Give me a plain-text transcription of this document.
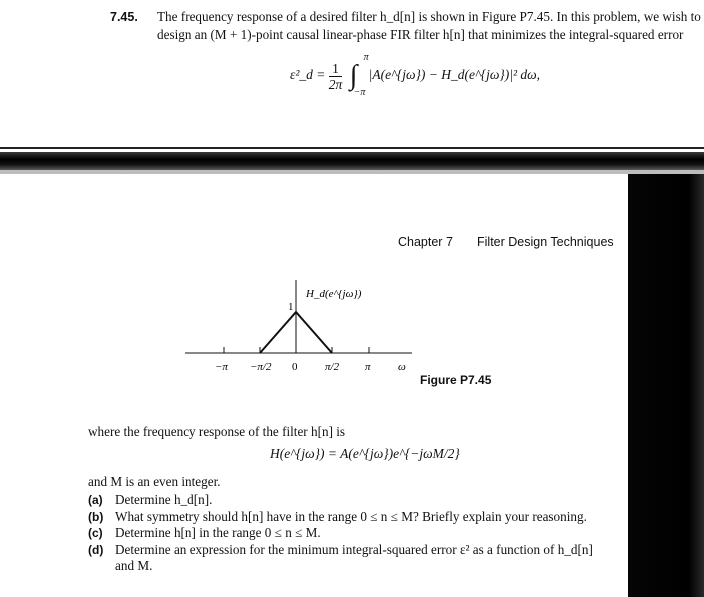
7.45. The frequency response of a desired filter h_d[n] is shown in Figure P7.45. In this problem, we wish to design an (M + 1)-point causal linear-phase FIR filter h[n] that minimizes the integral-squared error
ε²_d = $\frac{1}{2\pi}$ ∫
π
−π
|A(e^{jω}) − H_d(e^{jω})|² dω,
Chapter 7 Filter Design Techniques
H_d(e^{jω})
1
−π −π/2 0	π/2 π ω
Figure P7.45
where the frequency response of the filter h[n] is
H(e^{jω}) = A(e^{jω})e^{−jωM/2}
and M is an even integer.
(a) Determine h_d[n].
(b) What symmetry should h[n] have in the range 0 ≤ n ≤ M? Briefly explain your reasoning.
(c) Determine h[n] in the range 0 ≤ n ≤ M.
(d) Determine an expression for the minimum integral-squared error ε² as a function of h_d[n] and M.
